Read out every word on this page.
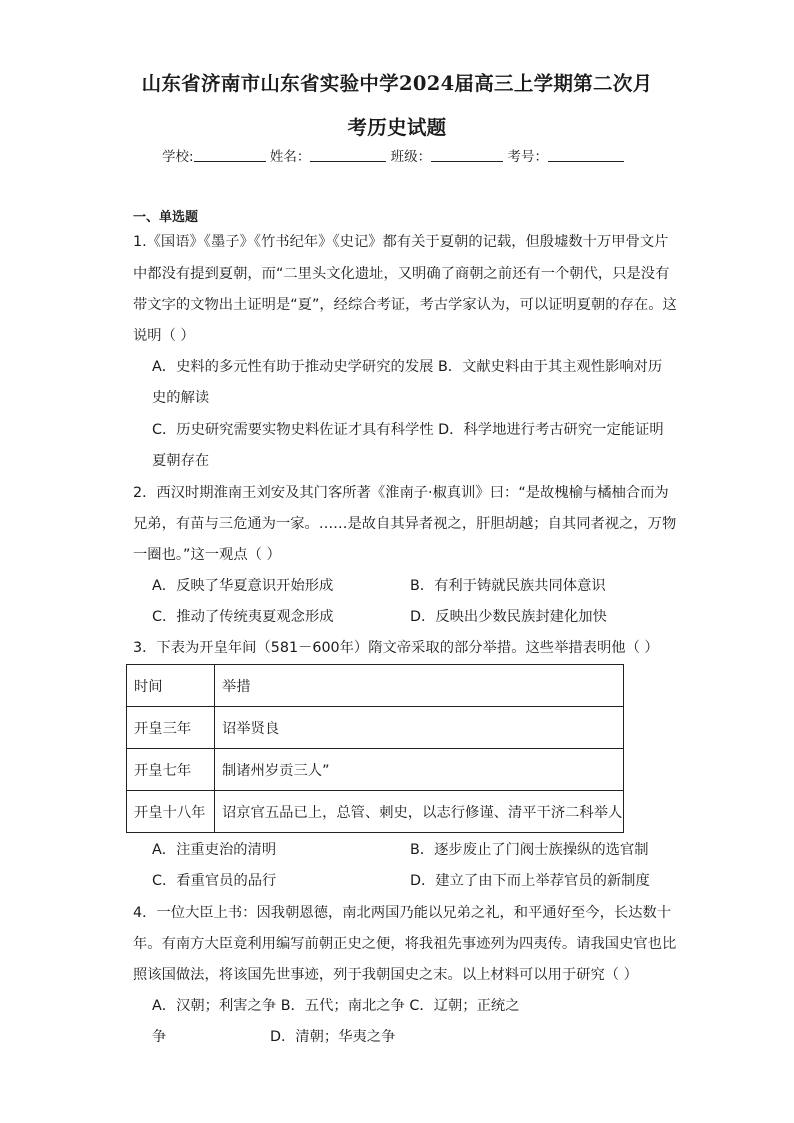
山东省济南市山东省实验中学2024届高三上学期第二次月
考历史试题
学校:	姓名：	班级：	考号：
一、单选题
1.《国语》《墨子》《竹书纪年》《史记》都有关于夏朝的记载，但殷墟数十万甲骨文片
中都没有提到夏朝，而“二里头文化遗址，又明确了商朝之前还有一个朝代，只是没有
带文字的文物出土证明是“夏”，经综合考证，考古学家认为，可以证明夏朝的存在。这
说明（ ）
A．史料的多元性有助于推动史学研究的发展 B．文献史料由于其主观性影响对历
史的解读
C．历史研究需要实物史料佐证才具有科学性 D．科学地进行考古研究一定能证明
夏朝存在
2．西汉时期淮南王刘安及其门客所著《淮南子·椒真训》曰：“是故槐榆与橘柚合而为
兄弟，有苗与三危通为一家。……是故自其异者视之，肝胆胡越；自其同者视之，万物
一圈也。”这一观点（ ）
A．反映了华夏意识开始形成	B．有利于铸就民族共同体意识
C．推动了传统夷夏观念形成	D．反映出少数民族封建化加快
3．下表为开皇年间（581－600年）隋文帝采取的部分举措。这些举措表明他（ ）
时间	举措
开皇三年	诏举贤良
开皇七年	制诸州岁贡三人”
开皇十八年	诏京官五品已上，总管、刺史，以志行修谨、清平干济二科举人
A．注重吏治的清明	B．逐步废止了门阀士族操纵的选官制
C．看重官员的品行	D．建立了由下而上举荐官员的新制度
4．一位大臣上书：因我朝恩德，南北两国乃能以兄弟之礼，和平通好至今，长达数十
年。有南方大臣竟利用编写前朝正史之便，将我祖先事迹列为四夷传。请我国史官也比
照该国做法，将该国先世事迹，列于我朝国史之末。以上材料可以用于研究（ ）
A．汉朝；利害之争 B．五代；南北之争 C．辽朝；正统之
争	D．清朝；华夷之争
